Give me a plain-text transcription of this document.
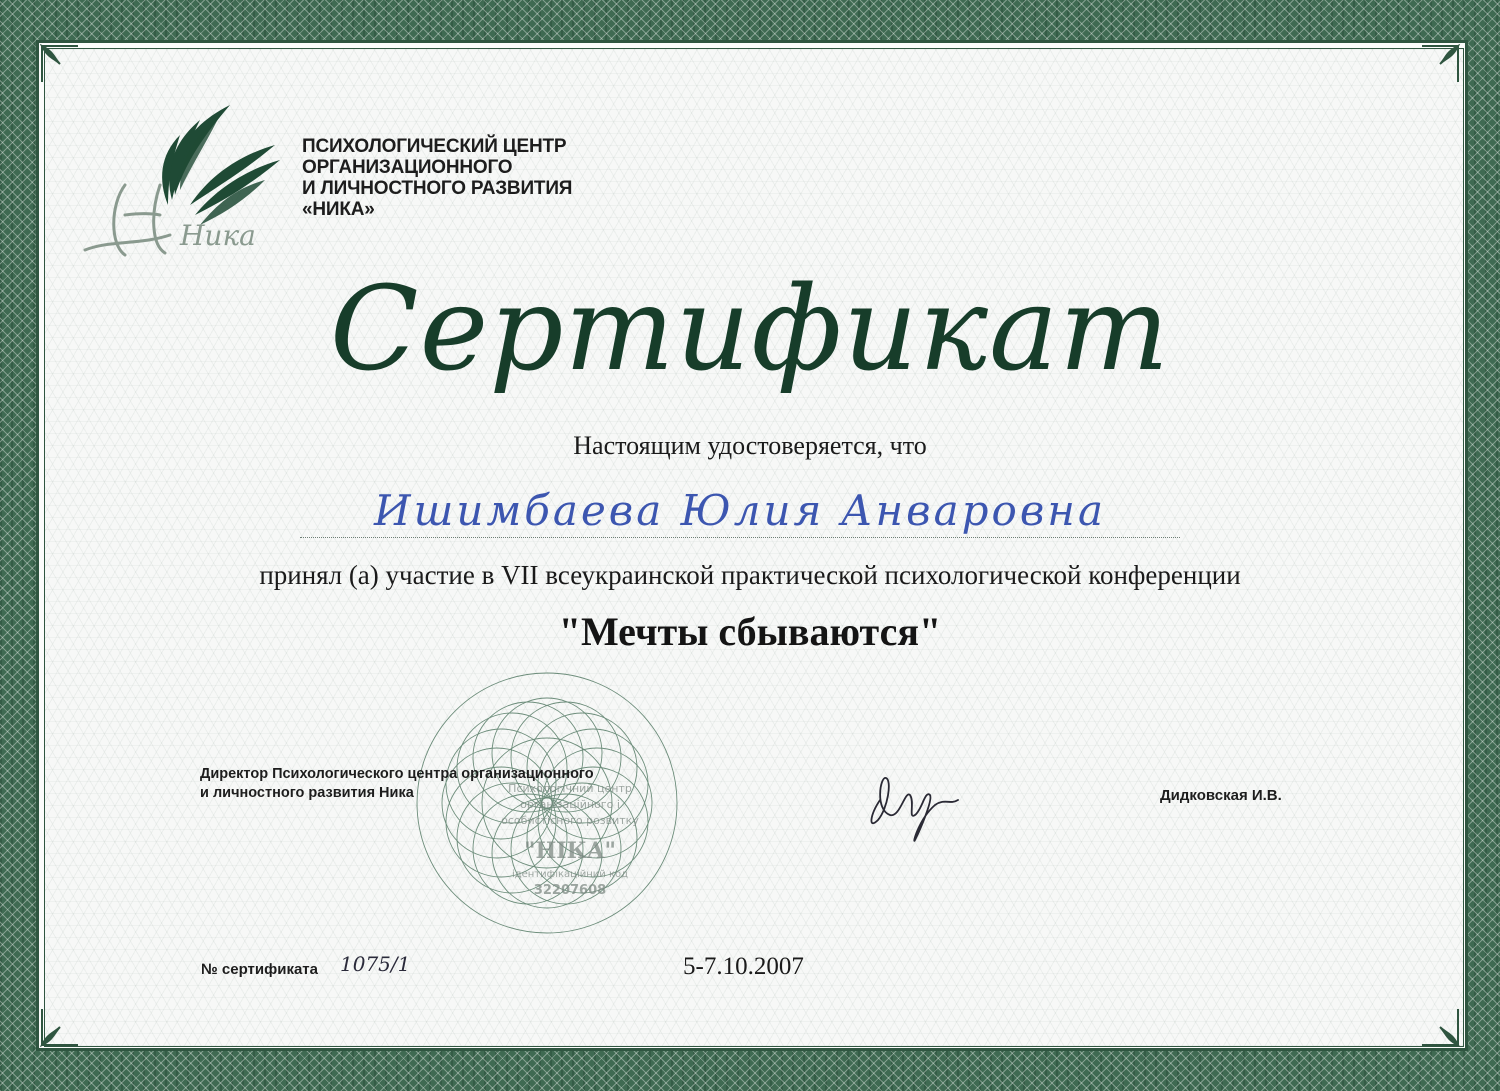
Ника
ПСИХОЛОГИЧЕСКИЙ ЦЕНТР
ОРГАНИЗАЦИОННОГО
И ЛИЧНОСТНОГО РАЗВИТИЯ
«НИКА»
Сертификат
Настоящим удостоверяется, что
Ишимбаева Юлия Анваровна
принял (а) участие в VII всеукраинской практической психологической конференции
"Мечты сбываются"
Психологічний центр
організаційного і
особистісного розвитку
"НІКА"
ідентифікаційний код
32207608
Директор Психологического центра организационного
и личностного развития Ника	Дидковская И.В.
№ сертификата 1075/1	5-7.10.2007
